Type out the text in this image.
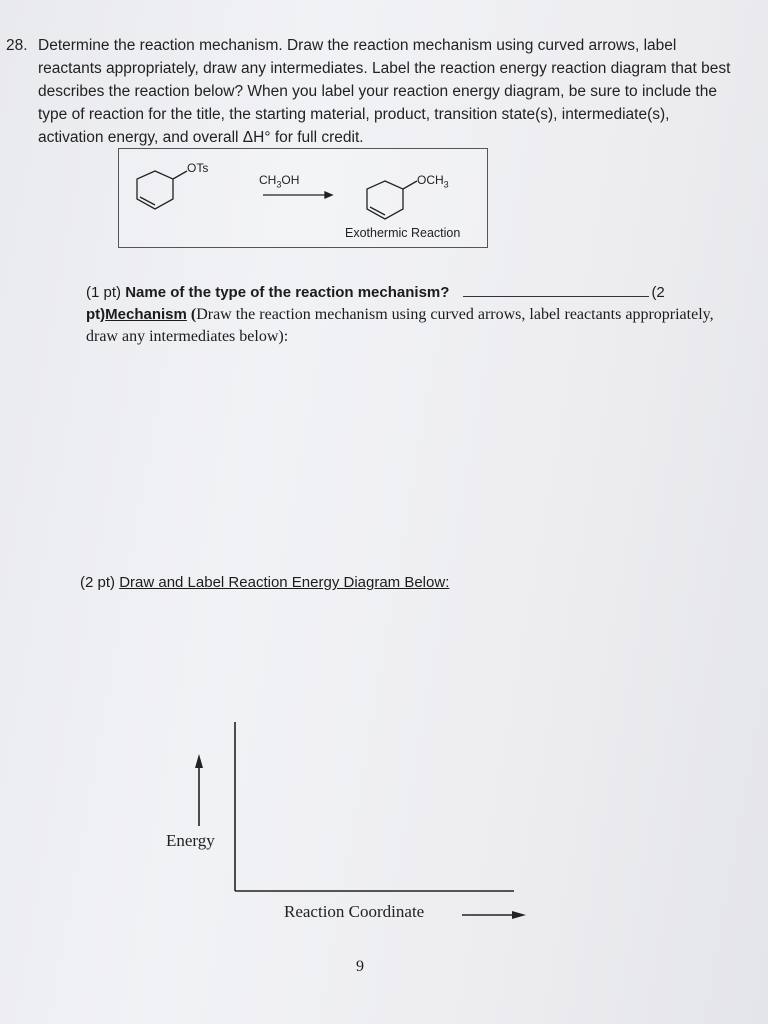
28. Determine the reaction mechanism. Draw the reaction mechanism using curved arrows, label reactants appropriately, draw any intermediates. Label the reaction energy reaction diagram that best describes the reaction below? When you label your reaction energy diagram, be sure to include the type of reaction for the title, the starting material, product, transition state(s), intermediate(s), activation energy, and overall ΔH° for full credit.
OTs
$CH_3OH$	$OCH_3$
Exothermic Reaction
(1 pt) Name of the type of the reaction mechanism?	(2
pt)Mechanism (Draw the reaction mechanism using curved arrows, label reactants appropriately, draw any intermediates below):
(2 pt) Draw and Label Reaction Energy Diagram Below:
Energy
Reaction Coordinate
9
